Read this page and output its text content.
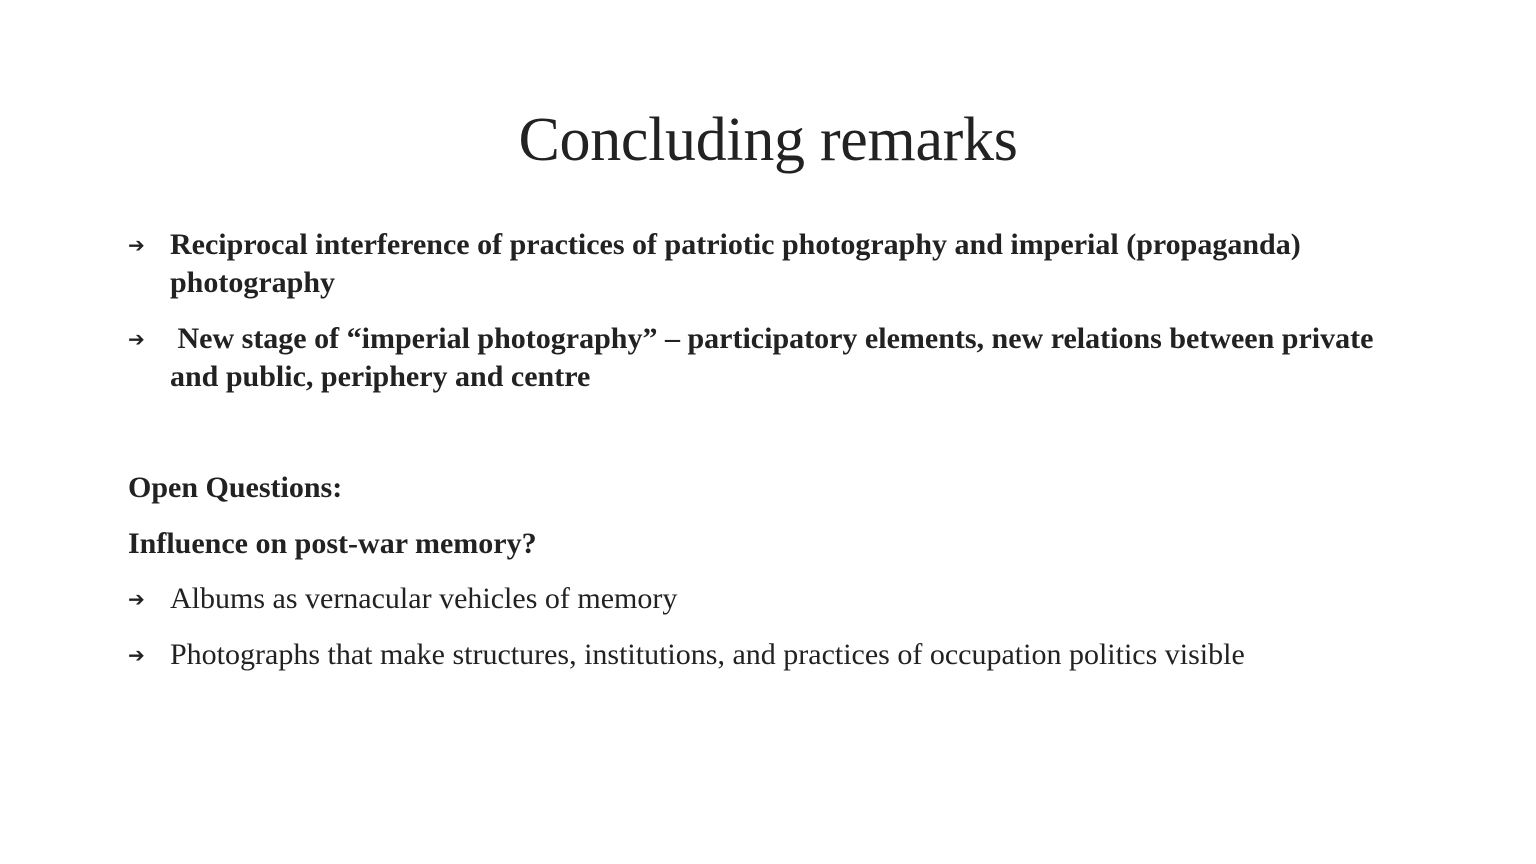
Concluding remarks
➔ Reciprocal interference of practices of patriotic photography and imperial (propaganda) photography
➔ New stage of “imperial photography” – participatory elements, new relations between private and public, periphery and centre
Open Questions:
Influence on post-war memory?
➔ Albums as vernacular vehicles of memory
➔ Photographs that make structures, institutions, and practices of occupation politics visible
